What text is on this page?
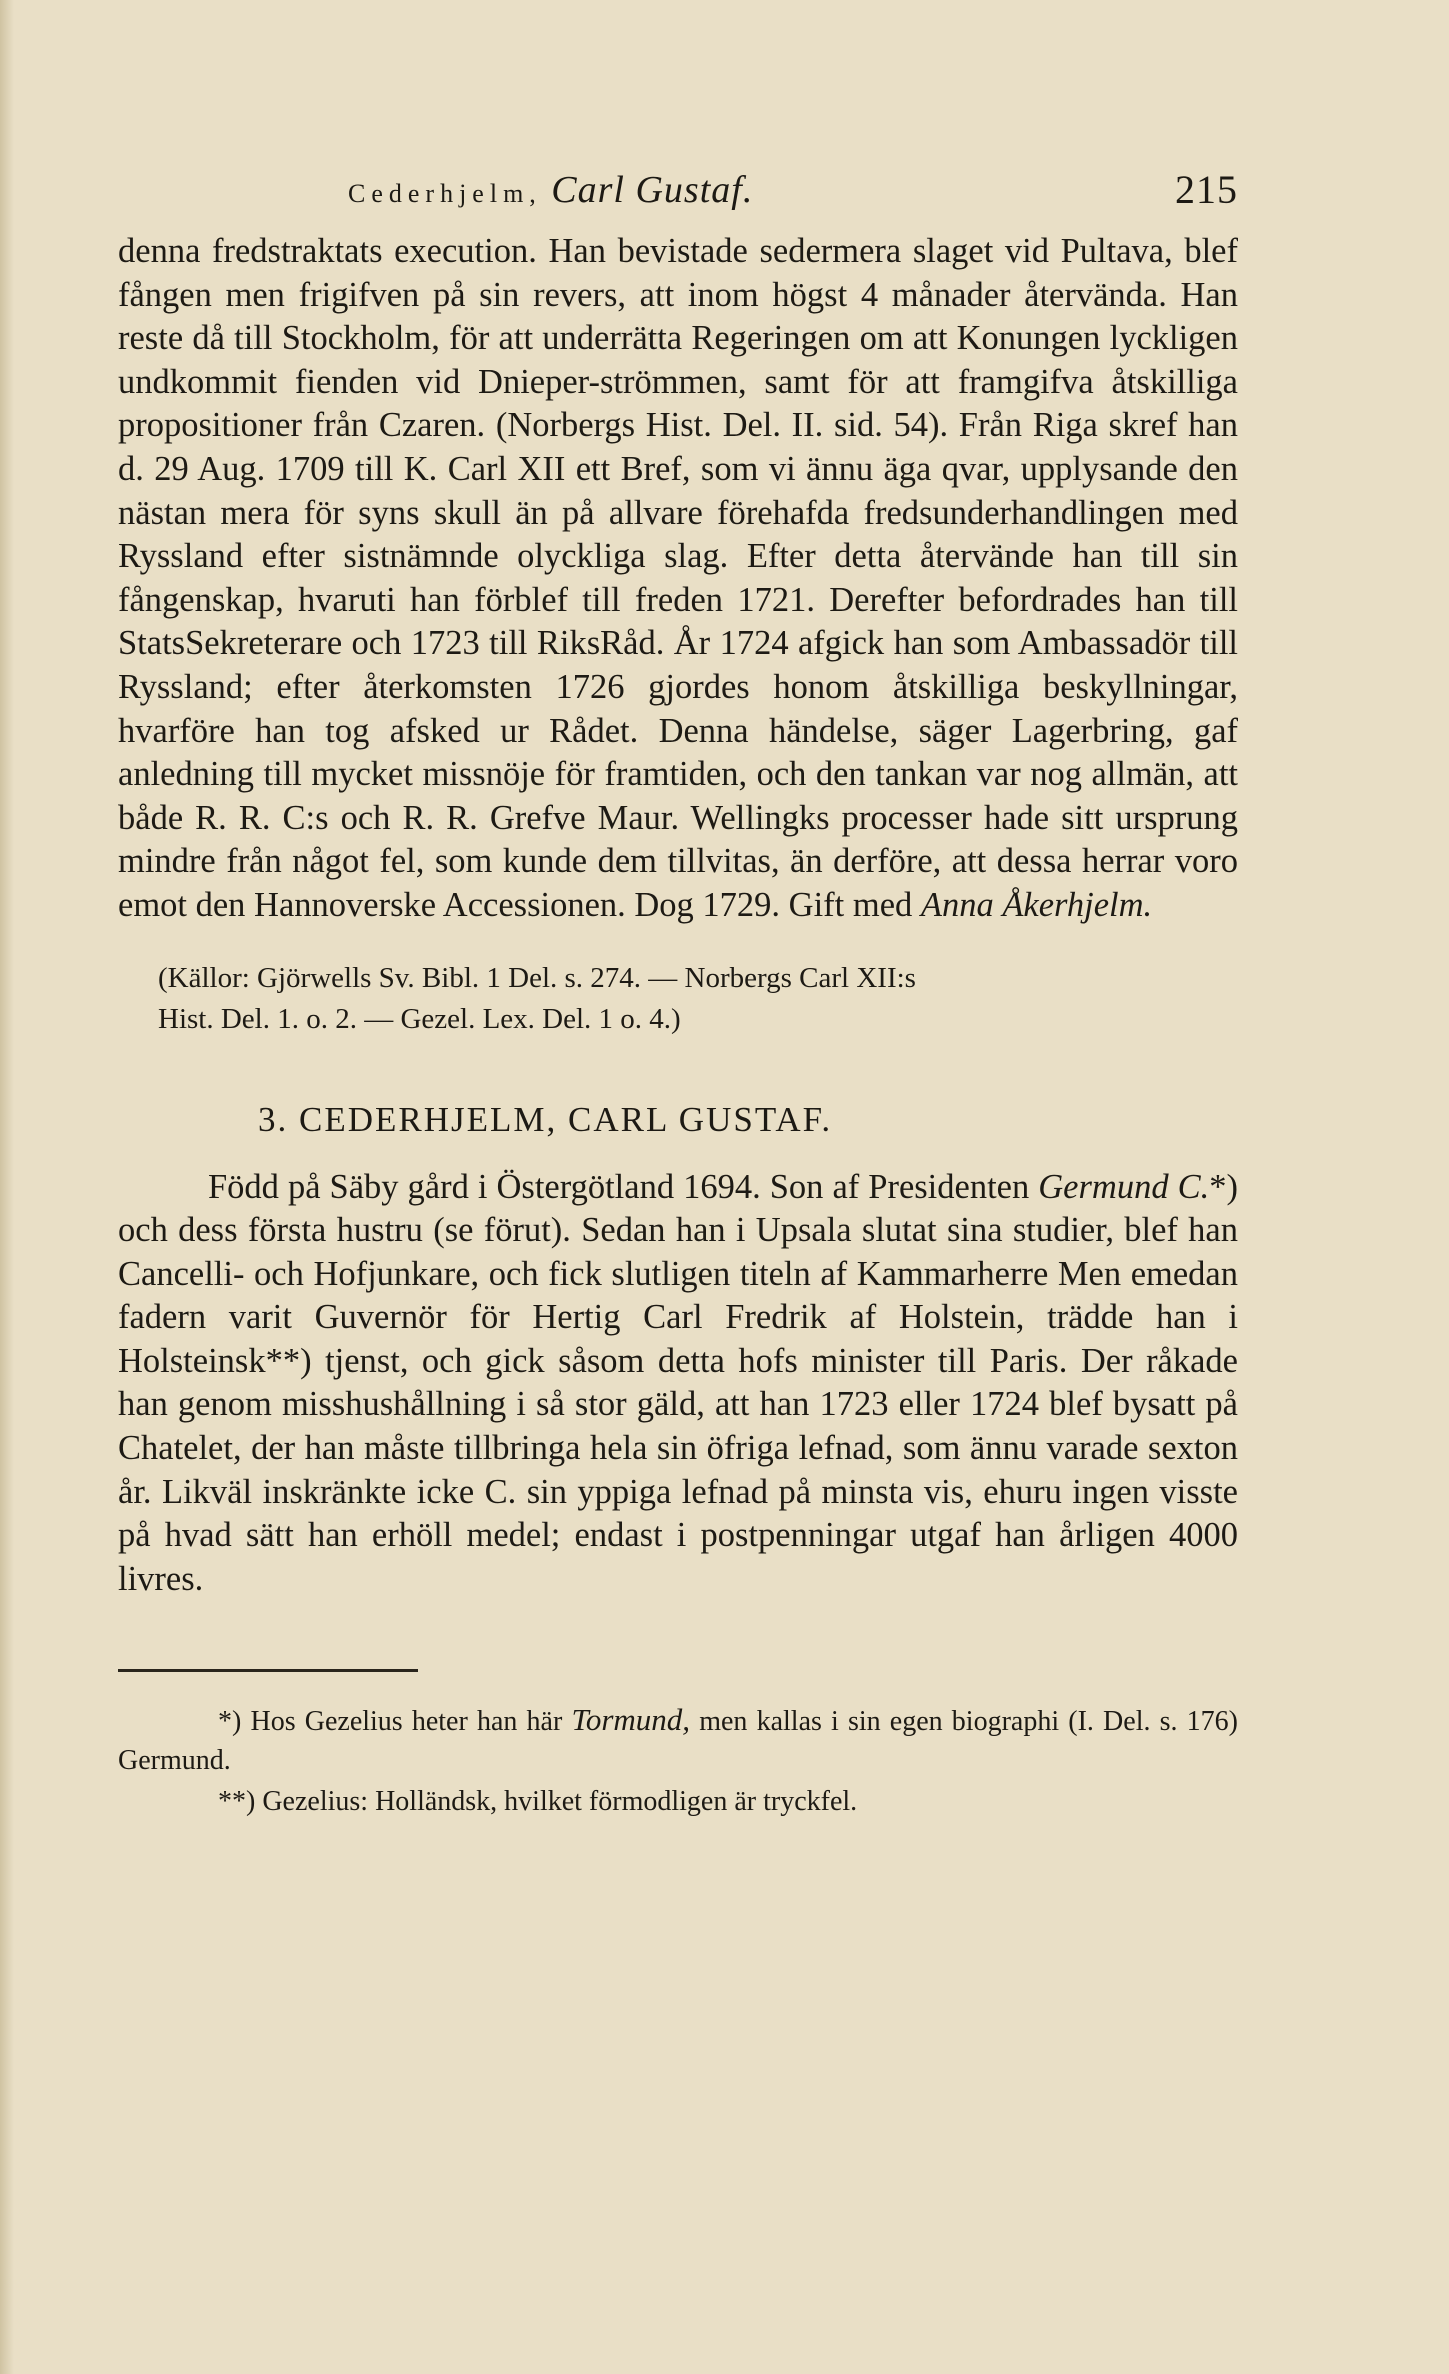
Cederhjelm, Carl Gustaf.	215

denna fredstraktats execution. Han bevistade sedermera slaget vid Pultava, blef fången men frigifven på sin revers, att inom högst 4 månader återvända. Han reste då till Stockholm, för att underrätta Regeringen om att Konungen lyckligen undkommit fienden vid Dnieper-strömmen, samt för att framgifva åtskilliga propositioner från Czaren. (Norbergs Hist. Del. II. sid. 54). Från Riga skref han d. 29 Aug. 1709 till K. Carl XII ett Bref, som vi ännu äga qvar, upplysande den nästan mera för syns skull än på allvare förehafda fredsunderhandlingen med Ryssland efter sistnämnde olyckliga slag. Efter detta återvände han till sin fångenskap, hvaruti han förblef till freden 1721. Derefter befordrades han till StatsSekreterare och 1723 till RiksRåd. År 1724 afgick han som Ambassadör till Ryssland; efter återkomsten 1726 gjordes honom åtskilliga beskyllningar, hvarföre han tog afsked ur Rådet. Denna händelse, säger Lagerbring, gaf anledning till mycket missnöje för framtiden, och den tankan var nog allmän, att både R. R. C:s och R. R. Grefve Maur. Wellingks processer hade sitt ursprung mindre från något fel, som kunde dem tillvitas, än derföre, att dessa herrar voro emot den Hannoverske Accessionen. Dog 1729. Gift med Anna Åkerhjelm.

(Källor: Gjörwells Sv. Bibl. 1 Del. s. 274. — Norbergs Carl XII:s
Hist. Del. 1. o. 2. — Gezel. Lex. Del. 1 o. 4.)
3. CEDERHJELM, CARL GUSTAF.

Född på Säby gård i Östergötland 1694. Son af Presidenten Germund C.*) och dess första hustru (se förut). Sedan han i Upsala slutat sina studier, blef han Cancelli- och Hofjunkare, och fick slutligen titeln af Kammarherre Men emedan fadern varit Guvernör för Hertig Carl Fredrik af Holstein, trädde han i Holsteinsk**) tjenst, och gick såsom detta hofs minister till Paris. Der råkade han genom misshushållning i så stor gäld, att han 1723 eller 1724 blef bysatt på Chatelet, der han måste tillbringa hela sin öfriga lefnad, som ännu varade sexton år. Likväl inskränkte icke C. sin yppiga lefnad på minsta vis, ehuru ingen visste på hvad sätt han erhöll medel; endast i postpenningar utgaf han årligen 4000 livres.

*) Hos Gezelius heter han här Tormund, men kallas i sin egen biographi (I. Del. s. 176) Germund.

**) Gezelius: Holländsk, hvilket förmodligen är tryckfel.
